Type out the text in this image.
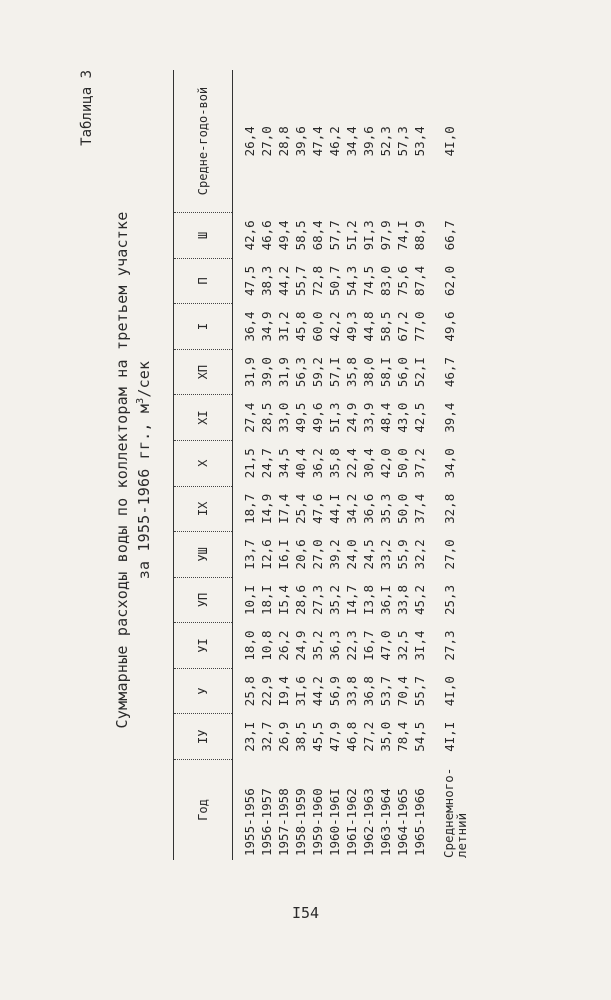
Таблица 3
Суммарные расходы воды по коллекторам на третьем участке за 1955-1966 гг., $м^3$/сек
Год	IУ	У	УI	УП	УШ	IX	X	XI	XП	I	П	Ш	Средне-годо-вой
1955-1956	23,I	25,8	18,0	10,I	I3,7	18,7	21,5	27,4	31,9	36,4	47,5	42,6	26,4
1956-1957	32,7	22,9	10,8	18,I	I2,6	I4,9	24,7	28,5	39,0	34,9	38,3	46,6	27,0
1957-1958	26,9	I9,4	26,2	I5,4	I6,I	I7,4	34,5	33,0	31,9	3I,2	44,2	49,4	28,8
1958-1959	38,5	3I,6	24,9	28,6	20,6	25,4	40,4	49,5	56,3	45,8	55,7	58,5	39,6
1959-1960	45,5	44,2	35,2	27,3	27,0	47,6	36,2	49,6	59,2	60,0	72,8	68,4	47,4
1960-196I	47,9	56,9	36,3	35,2	39,2	44,I	35,8	5I,3	57,I	42,2	50,7	57,7	46,2
196I-1962	46,8	33,8	22,3	I4,7	24,0	34,2	22,4	24,9	35,8	49,3	54,3	5I,2	34,4
1962-1963	27,2	36,8	I6,7	I3,8	24,5	36,6	30,4	33,9	38,0	44,8	74,5	9I,3	39,6
1963-1964	35,0	53,7	47,0	36,I	33,2	35,3	42,0	48,4	58,I	58,5	83,0	97,9	52,3
1964-1965	78,4	70,4	32,5	33,8	55,9	50,0	50,0	43,0	56,0	67,2	75,6	74,I	57,3
1965-1966	54,5	55,7	3I,4	45,2	32,2	37,4	37,2	42,5	52,I	77,0	87,4	88,9	53,4
Среднемного-
летний	4I,I	4I,0	27,3	25,3	27,0	32,8	34,0	39,4	46,7	49,6	62,0	66,7	4I,0
I54
